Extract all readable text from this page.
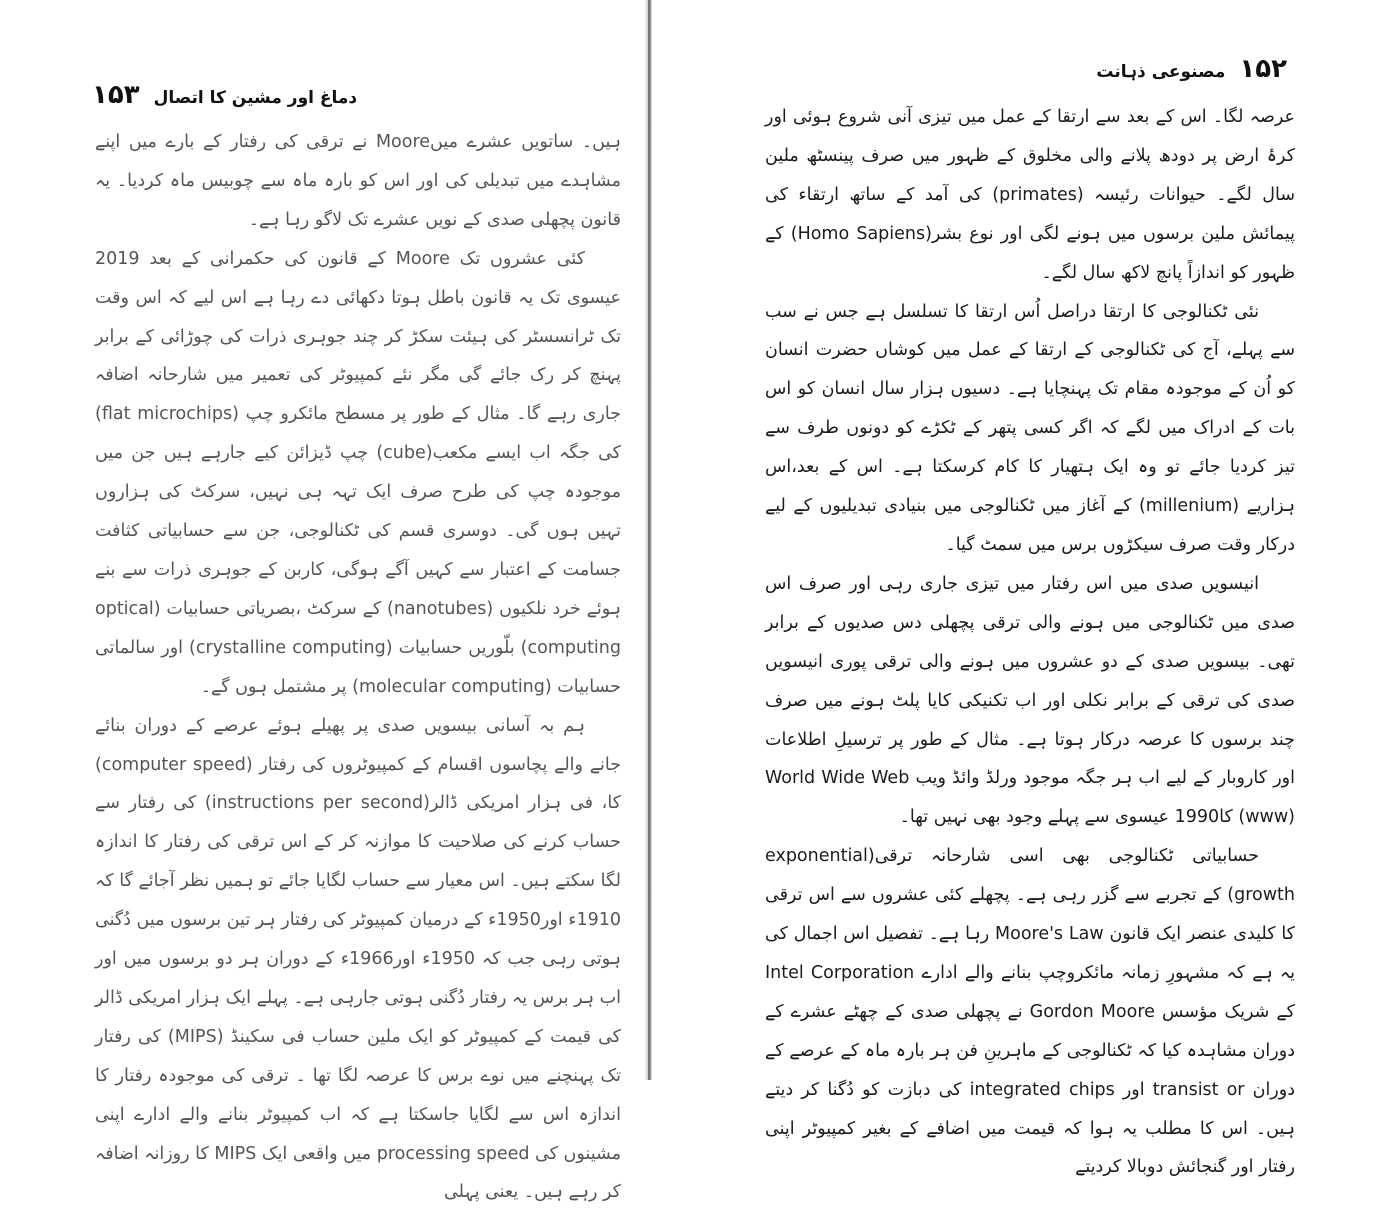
دماغ اور مشین کا اتصال
۱۵۳

ہیں۔ ساتویں عشرے میںMoore نے ترقی کی رفتار کے بارے میں اپنے مشاہدے میں تبدیلی کی اور اس کو بارہ ماہ سے چوبیس ماہ کردیا۔ یہ قانون پچھلی صدی کے نویں عشرے تک لاگو رہا ہے۔

کئی عشروں تک Moore کے قانون کی حکمرانی کے بعد 2019 عیسوی تک یہ قانون باطل ہوتا دکھائی دے رہا ہے اس لیے کہ اس وقت تک ٹرانسسٹر کی ہیئت سکڑ کر چند جوہری ذرات کی چوڑائی کے برابر پہنچ کر رک جائے گی مگر نئے کمپیوٹر کی تعمیر میں شارحانہ اضافہ جاری رہے گا۔ مثال کے طور پر مسطح مائکرو چپ (flat microchips) کی جگہ اب ایسے مکعب(cube) چپ ڈیزائن کیے جارہے ہیں جن میں موجودہ چپ کی طرح صرف ایک تہہ ہی نہیں، سرکٹ کی ہزاروں تہیں ہوں گی۔ دوسری قسم کی ٹکنالوجی، جن سے حسابیاتی کثافت جسامت کے اعتبار سے کہیں آگے ہوگی، کاربن کے جوہری ذرات سے بنے ہوئے خرد نلکیوں (nanotubes) کے سرکٹ ،بصریاتی حسابیات (optical computing) بلّوریں حسابیات (crystalline computing) اور سالماتی حسابیات (molecular computing) پر مشتمل ہوں گے۔

ہم بہ آسانی بیسویں صدی پر پھیلے ہوئے عرصے کے دوران بنائے جانے والے پچاسوں اقسام کے کمپیوٹروں کی رفتار (computer speed) کا، فی ہزار امریکی ڈالر(instructions per second) کی رفتار سے حساب کرنے کی صلاحیت کا موازنہ کر کے اس ترقی کی رفتار کا اندازہ لگا سکتے ہیں۔ اس معیار سے حساب لگایا جائے تو ہمیں نظر آجائے گا کہ 1910ء اور1950ء کے درمیان کمپیوٹر کی رفتار ہر تین برسوں میں دُگنی ہوتی رہی جب کہ 1950ء اور1966ء کے دوران ہر دو برسوں میں اور اب ہر برس یہ رفتار دُگنی ہوتی جارہی ہے۔ پہلے ایک ہزار امریکی ڈالر کی قیمت کے کمپیوٹر کو ایک ملین حساب فی سکینڈ (MIPS) کی رفتار تک پہنچنے میں نوے برس کا عرصہ لگا تھا ۔ ترقی کی موجودہ رفتار کا اندازہ اس سے لگایا جاسکتا ہے کہ اب کمپیوٹر بنانے والے ادارے اپنی مشینوں کی processing speed میں واقعی ایک MIPS کا روزانہ اضافہ کر رہے ہیں۔ یعنی پہلی

۱۵۲
مصنوعی ذہانت

عرصہ لگا۔ اس کے بعد سے ارتقا کے عمل میں تیزی آنی شروع ہوئی اور کرۂ ارض پر دودھ پلانے والی مخلوق کے ظہور میں صرف پینسٹھ ملین سال لگے۔ حیوانات رئیسہ (primates) کی آمد کے ساتھ ارتقاء کی پیمائش ملین برسوں میں ہونے لگی اور نوع بشر(Homo Sapiens) کے ظہور کو اندازاً پانچ لاکھ سال لگے۔

نئی ٹکنالوجی کا ارتقا دراصل اُس ارتقا کا تسلسل ہے جس نے سب سے پہلے، آج کی ٹکنالوجی کے ارتقا کے عمل میں کوشاں حضرت انسان کو اُن کے موجودہ مقام تک پہنچایا ہے۔ دسیوں ہزار سال انسان کو اس بات کے ادراک میں لگے کہ اگر کسی پتھر کے ٹکڑے کو دونوں طرف سے تیز کردیا جائے تو وہ ایک ہتھیار کا کام کرسکتا ہے۔ اس کے بعد،اس ہزاریے (millenium) کے آغاز میں ٹکنالوجی میں بنیادی تبدیلیوں کے لیے درکار وقت صرف سیکڑوں برس میں سمٹ گیا۔

انیسویں صدی میں اس رفتار میں تیزی جاری رہی اور صرف اس صدی میں ٹکنالوجی میں ہونے والی ترقی پچھلی دس صدیوں کے برابر تھی۔ بیسویں صدی کے دو عشروں میں ہونے والی ترقی پوری انیسویں صدی کی ترقی کے برابر نکلی اور اب تکنیکی کایا پلٹ ہونے میں صرف چند برسوں کا عرصہ درکار ہوتا ہے۔ مثال کے طور پر ترسیلِ اطلاعات اور کاروبار کے لیے اب ہر جگہ موجود ورلڈ وائڈ ویب World Wide Web (www) کا1990 عیسوی سے پہلے وجود بھی نہیں تھا۔

حسابیاتی ٹکنالوجی بھی اسی شارحانہ ترقی(exponential growth) کے تجربے سے گزر رہی ہے۔ پچھلے کئی عشروں سے اس ترقی کا کلیدی عنصر ایک قانون Moore's Law رہا ہے۔ تفصیل اس اجمال کی یہ ہے کہ مشہورِ زمانہ مائکروچپ بنانے والے ادارے Intel Corporation کے شریک مؤسس Gordon Moore نے پچھلی صدی کے چھٹے عشرے کے دوران مشاہدہ کیا کہ ٹکنالوجی کے ماہرینِ فن ہر بارہ ماہ کے عرصے کے دوران transist or اور integrated chips کی دبازت کو دُگنا کر دیتے ہیں۔ اس کا مطلب یہ ہوا کہ قیمت میں اضافے کے بغیر کمپیوٹر اپنی رفتار اور گنجائش دوبالا کردیتے
